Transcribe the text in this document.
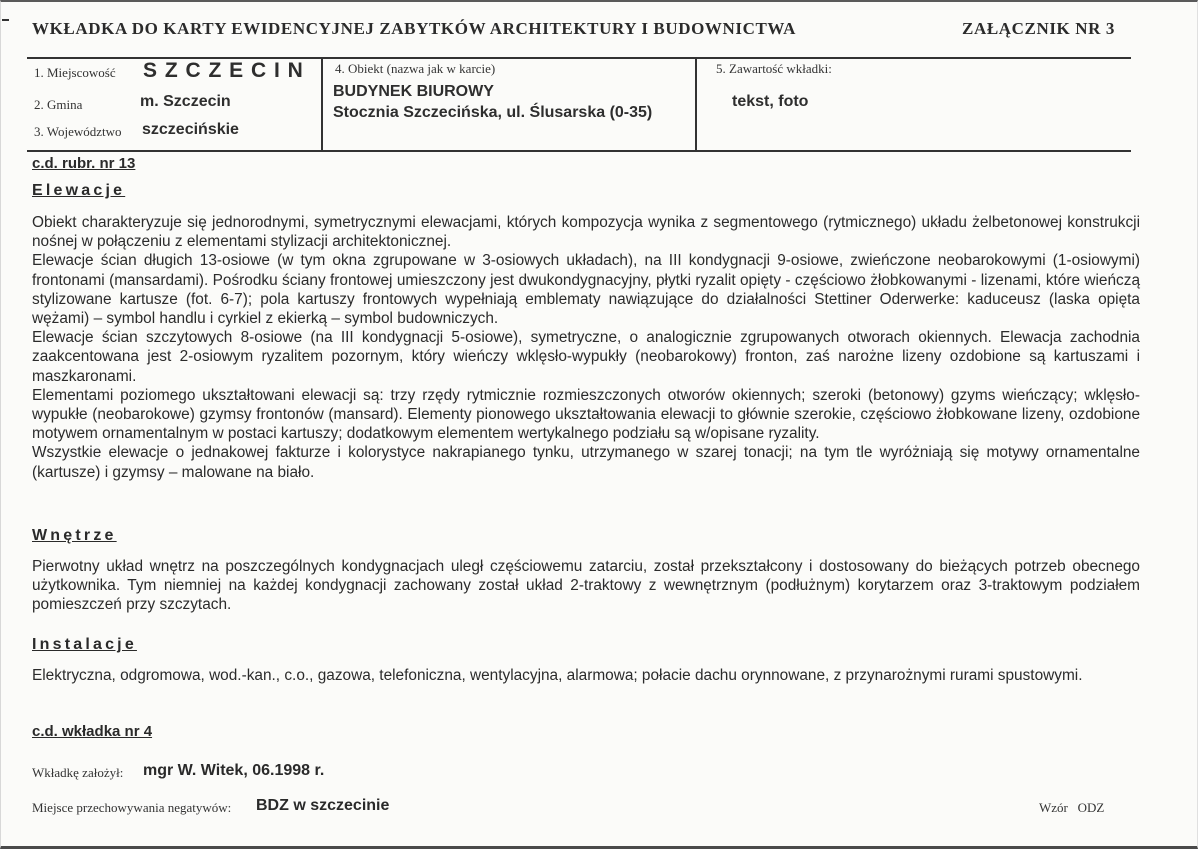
WKŁADKA DO KARTY EWIDENCYJNEJ ZABYTKÓW ARCHITEKTURY I BUDOWNICTWA	ZAŁĄCZNIK NR 3
1. Miejscowość S Z C Z E C I N
2. Gmina	m. Szczecin
3. Województwo szczecińskie
4. Obiekt (nazwa jak w karcie)
BUDYNEK BIUROWY
Stocznia Szczecińska, ul. Ślusarska (0-35)
5. Zawartość wkładki:
tekst, foto
c.d. rubr. nr 13
Elewacje

Obiekt charakteryzuje się jednorodnymi, symetrycznymi elewacjami, których kompozycja wynika z segmentowego (rytmicznego) układu żelbetonowej konstrukcji nośnej w połączeniu z elementami stylizacji architektonicznej.

Elewacje ścian długich 13-osiowe (w tym okna zgrupowane w 3-osiowych układach), na III kondygnacji 9-osiowe, zwieńczone neobarokowymi (1-osiowymi) frontonami (mansardami). Pośrodku ściany frontowej umieszczony jest dwukondygnacyjny, płytki ryzalit opięty - częściowo żłobkowanymi - lizenami, które wieńczą stylizowane kartusze (fot. 6-7); pola kartuszy frontowych wypełniają emblematy nawiązujące do działalności Stettiner Oderwerke: kaduceusz (laska opięta wężami) – symbol handlu i cyrkiel z ekierką – symbol budowniczych.

Elewacje ścian szczytowych 8-osiowe (na III kondygnacji 5-osiowe), symetryczne, o analogicznie zgrupowanych otworach okiennych. Elewacja zachodnia zaakcentowana jest 2-osiowym ryzalitem pozornym, który wieńczy wklęsło-wypukły (neobarokowy) fronton, zaś narożne lizeny ozdobione są kartuszami i maszkaronami.

Elementami poziomego ukształtowani elewacji są: trzy rzędy rytmicznie rozmieszczonych otworów okiennych; szeroki (betonowy) gzyms wieńczący; wklęsło-wypukłe (neobarokowe) gzymsy frontonów (mansard). Elementy pionowego ukształtowania elewacji to głównie szerokie, częściowo żłobkowane lizeny, ozdobione motywem ornamentalnym w postaci kartuszy; dodatkowym elementem wertykalnego podziału są w/opisane ryzality.

Wszystkie elewacje o jednakowej fakturze i kolorystyce nakrapianego tynku, utrzymanego w szarej tonacji; na tym tle wyróżniają się motywy ornamentalne (kartusze) i gzymsy – malowane na biało.

Wnętrze

Pierwotny układ wnętrz na poszczególnych kondygnacjach uległ częściowemu zatarciu, został przekształcony i dostosowany do bieżących potrzeb obecnego użytkownika. Tym niemniej na każdej kondygnacji zachowany został układ 2-traktowy z wewnętrznym (podłużnym) korytarzem oraz 3-traktowym podziałem pomieszczeń przy szczytach.

Instalacje

Elektryczna, odgromowa, wod.-kan., c.o., gazowa, telefoniczna, wentylacyjna, alarmowa; połacie dachu orynnowane, z przynarożnymi rurami spustowymi.

c.d. wkładka nr 4
Wkładkę założył: mgr W. Witek, 06.1998 r.
Miejsce przechowywania negatywów: BDZ w szczecinie	Wzór   ODZ
